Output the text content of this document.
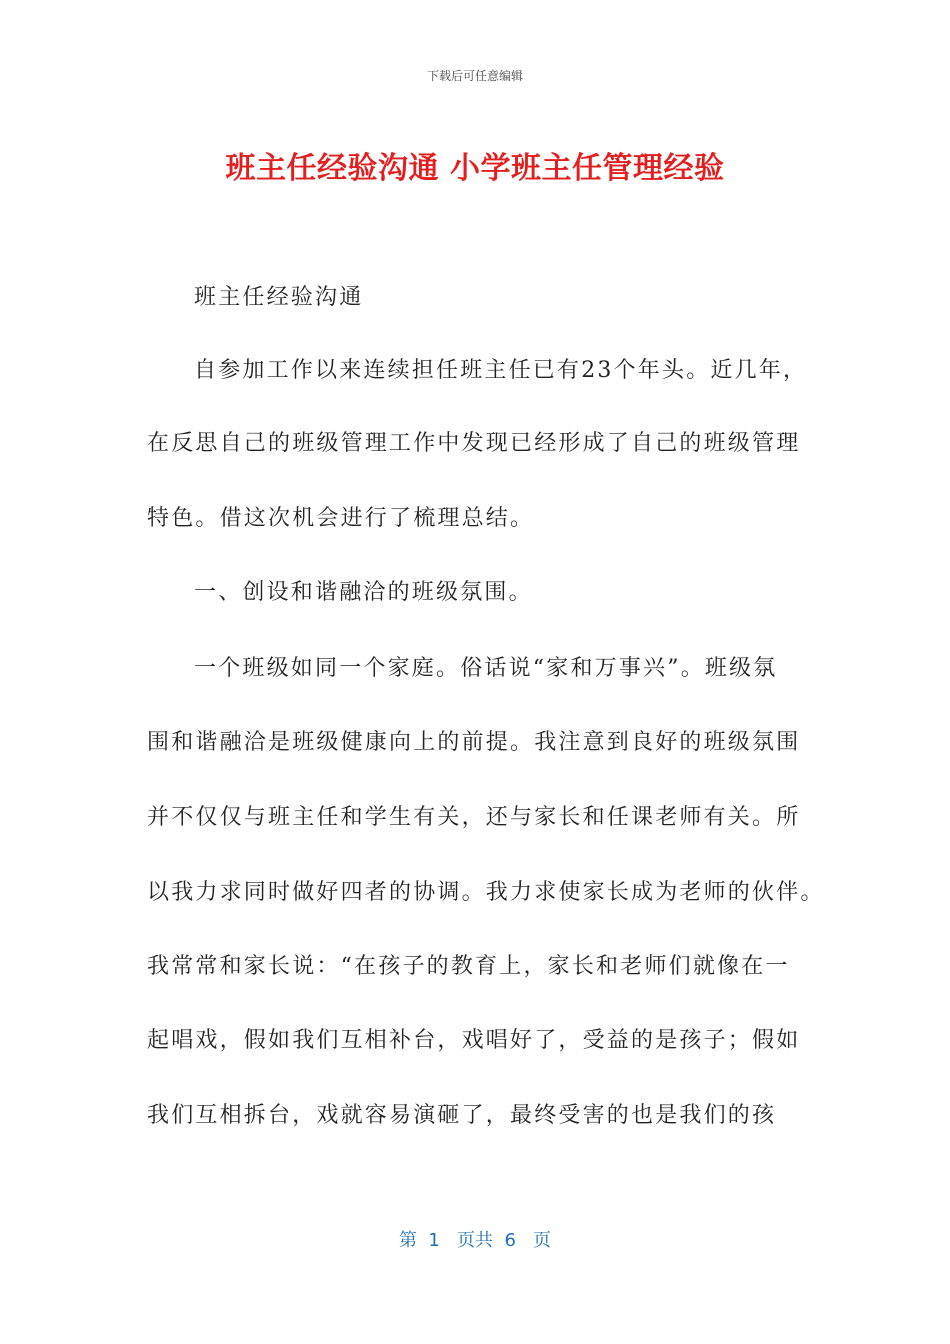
下载后可任意编辑
班主任经验沟通 小学班主任管理经验
班主任经验沟通
自参加工作以来连续担任班主任已有23个年头。近几年，
在反思自己的班级管理工作中发现已经形成了自己的班级管理
特色。借这次机会进行了梳理总结。
一、创设和谐融洽的班级氛围。
一个班级如同一个家庭。俗话说“家和万事兴”。班级氛
围和谐融洽是班级健康向上的前提。我注意到良好的班级氛围
并不仅仅与班主任和学生有关，还与家长和任课老师有关。所
以我力求同时做好四者的协调。我力求使家长成为老师的伙伴。
我常常和家长说：“在孩子的教育上，家长和老师们就像在一
起唱戏，假如我们互相补台，戏唱好了，受益的是孩子；假如
我们互相拆台，戏就容易演砸了，最终受害的也是我们的孩
第  1   页共  6   页
